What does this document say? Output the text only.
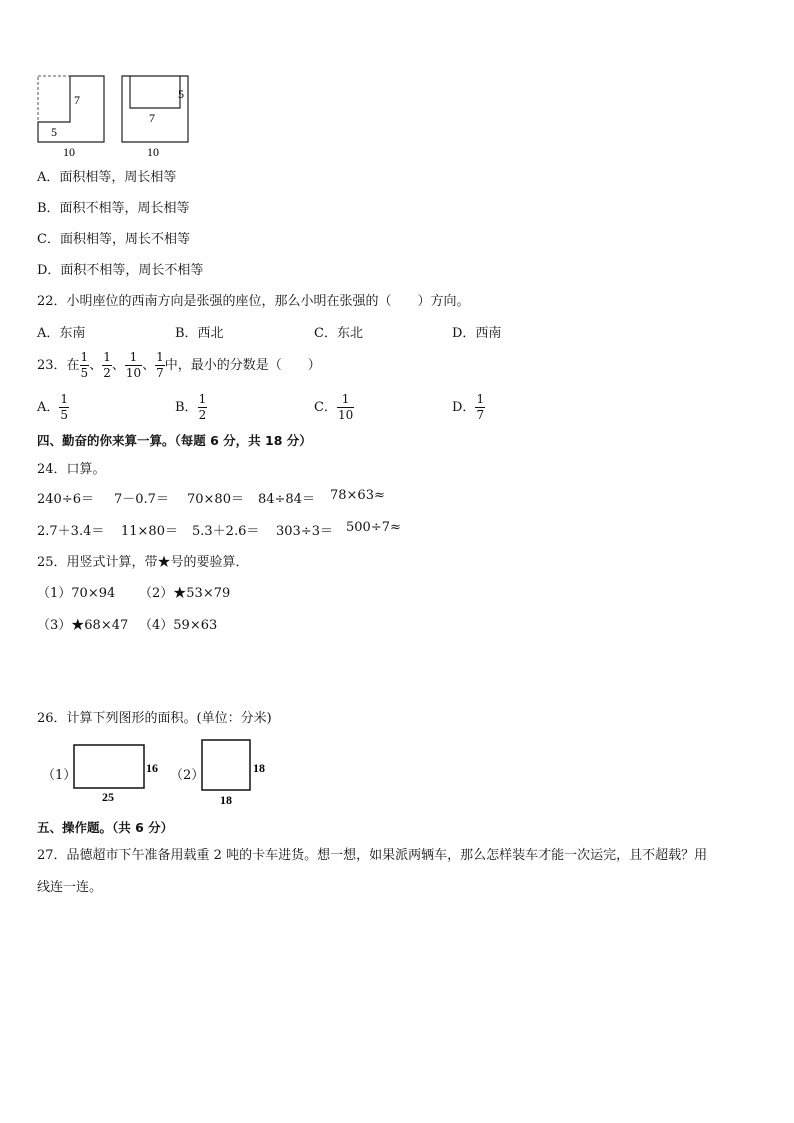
7
5
10
5
7
10
A．面积相等，周长相等
B．面积不相等，周长相等
C．面积相等，周长不相等
D．面积不相等，周长不相等
22．小明座位的西南方向是张强的座位，那么小明在张强的（　　）方向。
A．东南	B．西北	C．东北	D．西南
23．在 $\frac{1}{5}$ 、 $\frac{1}{2}$ 、 $\frac{1}{10}$ 、 $\frac{1}{7}$ 中，最小的分数是（　　）
A． $\frac{1}{5}$	B． $\frac{1}{2}$	C． $\frac{1}{10}$	D． $\frac{1}{7}$
四、勤奋的你来算一算。（每题 6 分，共 18 分）
24．口算。
240÷6＝ 7－0.7＝ 70×80＝ 84÷84＝ 78×63≈
2.7＋3.4＝ 11×80＝ 5.3＋2.6＝ 303÷3＝ 500÷7≈
25．用竖式计算，带★号的要验算．
（1）70×94 （2）★53×79
（3）★68×47 （4）59×63
26．计算下列图形的面积。(单位：分米)
（1）	16
25
（2）	18
18
五、操作题。（共 6 分）
27．品德超市下午准备用载重 2 吨的卡车进货。想一想，如果派两辆车，那么怎样装车才能一次运完，且不超载？用
线连一连。
